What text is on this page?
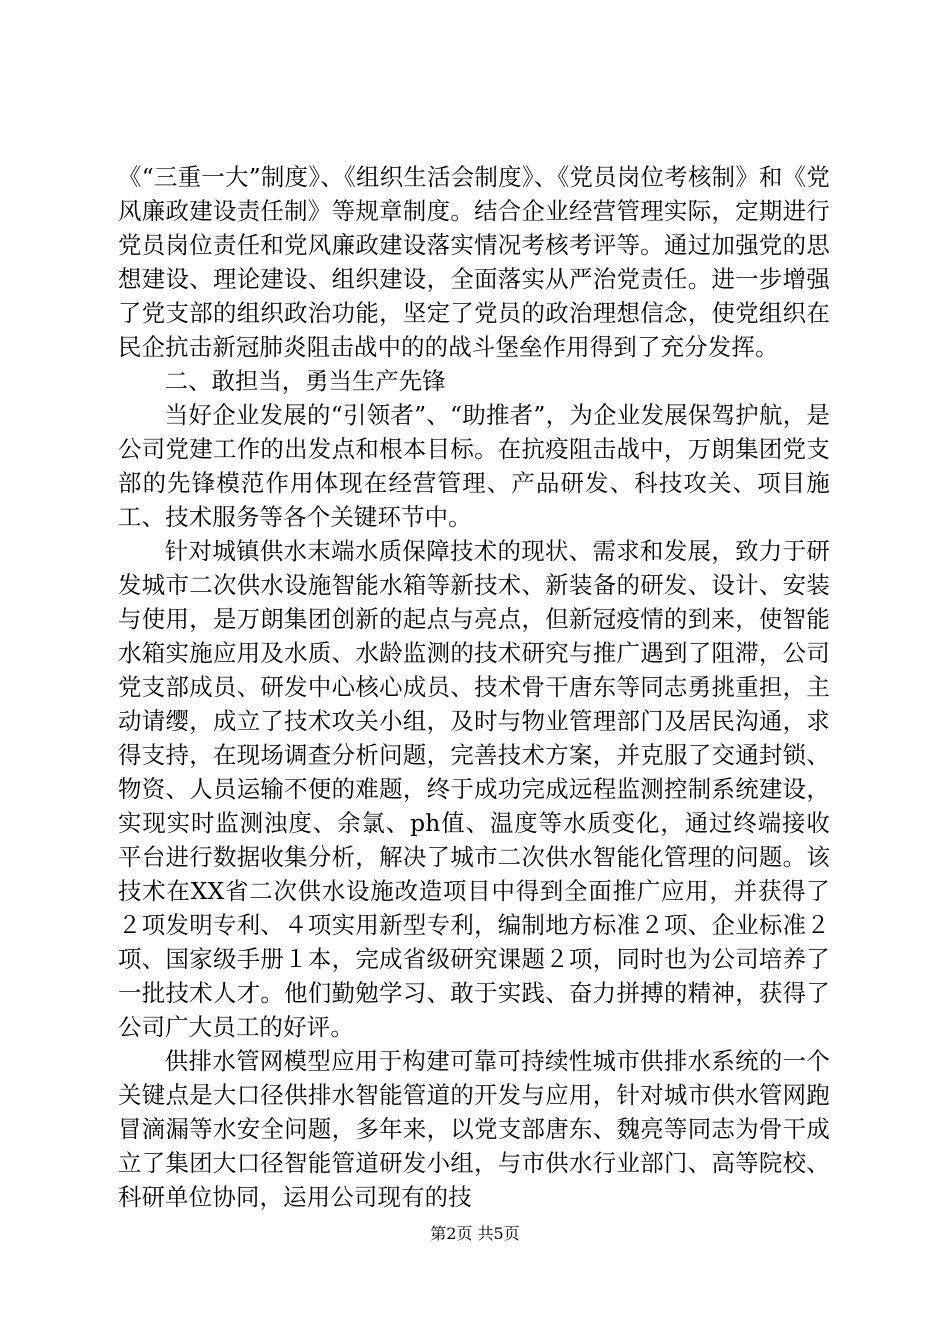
《“三重一大”制度》、《组织生活会制度》、《党员岗位考核制》和《党风廉政建设责任制》等规章制度。结合企业经营管理实际，定期进行党员岗位责任和党风廉政建设落实情况考核考评等。通过加强党的思想建设、理论建设、组织建设，全面落实从严治党责任。进一步增强了党支部的组织政治功能，坚定了党员的政治理想信念，使党组织在民企抗击新冠肺炎阻击战中的的战斗堡垒作用得到了充分发挥。

二、敢担当，勇当生产先锋

当好企业发展的“引领者”、“助推者”，为企业发展保驾护航，是公司党建工作的出发点和根本目标。在抗疫阻击战中，万朗集团党支部的先锋模范作用体现在经营管理、产品研发、科技攻关、项目施工、技术服务等各个关键环节中。

针对城镇供水末端水质保障技术的现状、需求和发展，致力于研发城市二次供水设施智能水箱等新技术、新装备的研发、设计、安装与使用，是万朗集团创新的起点与亮点，但新冠疫情的到来，使智能水箱实施应用及水质、水龄监测的技术研究与推广遇到了阻滞，公司党支部成员、研发中心核心成员、技术骨干唐东等同志勇挑重担，主动请缨，成立了技术攻关小组，及时与物业管理部门及居民沟通，求得支持，在现场调查分析问题，完善技术方案，并克服了交通封锁、物资、人员运输不便的难题，终于成功完成远程监测控制系统建设，实现实时监测浊度、余氯、ph值、温度等水质变化，通过终端接收平台进行数据收集分析，解决了城市二次供水智能化管理的问题。该技术在XX省二次供水设施改造项目中得到全面推广应用，并获得了２项发明专利、４项实用新型专利，编制地方标准２项、企业标准２项、国家级手册１本，完成省级研究课题２项，同时也为公司培养了一批技术人才。他们勤勉学习、敢于实践、奋力拼搏的精神，获得了公司广大员工的好评。

供排水管网模型应用于构建可靠可持续性城市供排水系统的一个关键点是大口径供排水智能管道的开发与应用，针对城市供水管网跑冒滴漏等水安全问题，多年来，以党支部唐东、魏亮等同志为骨干成立了集团大口径智能管道研发小组，与市供水行业部门、高等院校、科研单位协同，运用公司现有的技

第2页 共5页
